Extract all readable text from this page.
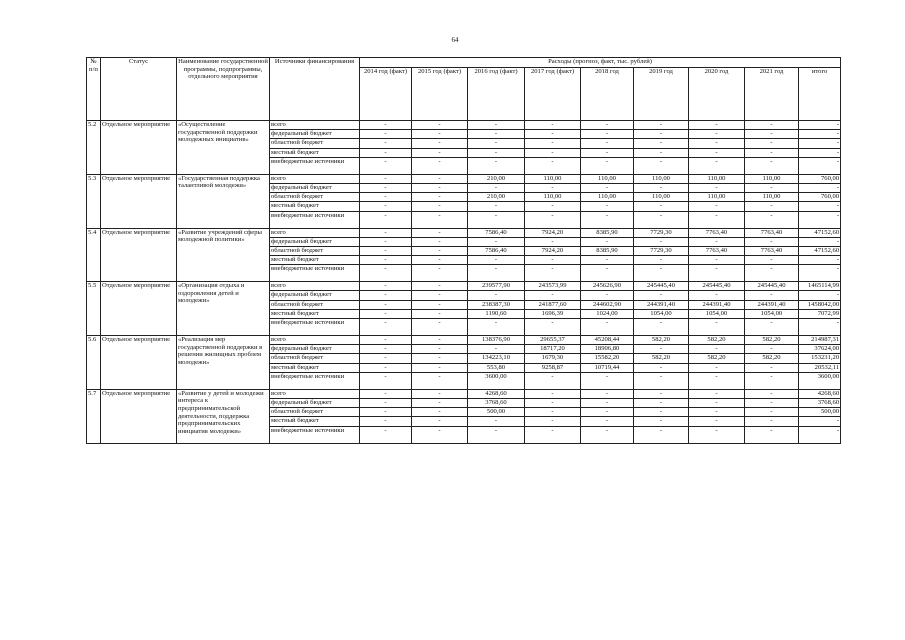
64
№ п/п	Статус	Наименование государственной программы, подпрограммы, отдельного мероприятия	Источники финансирования	Расходы (прогноз, факт, тыс. рублей)								
				2014 год (факт)	2015 год (факт)	2016 год (факт)	2017 год (факт)	2018 год	2019 год	2020 год	2021 год	итого
5.2	Отдельное мероприятие	«Осуществление государственной поддержки молодежных инициатив»	всего	-	-	-	-	-	-	-	-	-
			федеральный бюджет	-	-	-	-	-	-	-	-	-
			областной бюджет	-	-	-	-	-	-	-	-	-
			местный бюджет	-	-	-	-	-	-	-	-	-
			внебюджетные источники	-	-	-	-	-	-	-	-	-
5.3	Отдельное мероприятие	«Государственная поддержка талантливой молодежи»	всего	-	-	210,00	110,00	110,00	110,00	110,00	110,00	760,00
			федеральный бюджет	-	-	-	-	-	-	-	-	-
			областной бюджет	-	-	210,00	110,00	110,00	110,00	110,00	110,00	760,00
			местный бюджет	-	-	-	-	-	-	-	-	-
			внебюджетные источники	-	-	-	-	-	-	-	-	-
5.4	Отдельное мероприятие	«Развитие учреждений сферы молодежной политики»	всего	-	-	7586,40	7924,20	8385,90	7729,30	7763,40	7763,40	47152,60
			федеральный бюджет	-	-	-	-	-	-	-	-	-
			областной бюджет	-	-	7586,40	7924,20	8385,90	7729,30	7763,40	7763,40	47152,60
			местный бюджет	-	-	-	-	-	-	-	-	-
			внебюджетные источники	-	-	-	-	-	-	-	-	-
5.5	Отдельное мероприятие	«Организация отдыха и оздоровления детей и молодежи»	всего	-	-	239577,90	243573,99	245626,90	245445,40	245445,40	245445,40	1465114,99
			федеральный бюджет	-	-	-	-	-	-	-	-	-
			областной бюджет	-	-	238387,30	241877,60	244602,90	244391,40	244391,40	244391,40	1458042,00
			местный бюджет	-	-	1190,60	1696,39	1024,00	1054,00	1054,00	1054,00	7072,99
			внебюджетные источники	-	-	-	-	-	-	-	-	-
5.6	Отдельное мероприятие	«Реализация мер государственной поддержки в решении жилищных проблем молодежи»	всего	-	-	138376,90	29655,37	45208,44	582,20	582,20	582,20	214987,31
			федеральный бюджет	-	-	-	18717,20	18906,80	-	-	-	37624,00
			областной бюджет	-	-	134223,10	1679,30	15582,20	582,20	582,20	582,20	153231,20
			местный бюджет	-	-	553,80	9258,87	10719,44	-	-	-	20532,11
			внебюджетные источники	-	-	3600,00	-	-	-	-	-	3600,00
5.7	Отдельное мероприятие	«Развитие у детей и молодежи интереса к предпринимательской деятельности, поддержка предпринимательских инициатив молодежи»	всего	-	-	4268,60	-	-	-	-	-	4268,60
			федеральный бюджет	-	-	3768,60	-	-	-	-	-	3768,60
			областной бюджет	-	-	500,00	-	-	-	-	-	500,00
			местный бюджет	-	-	-	-	-	-	-	-	-
			внебюджетные источники	-	-	-	-	-	-	-	-	-
